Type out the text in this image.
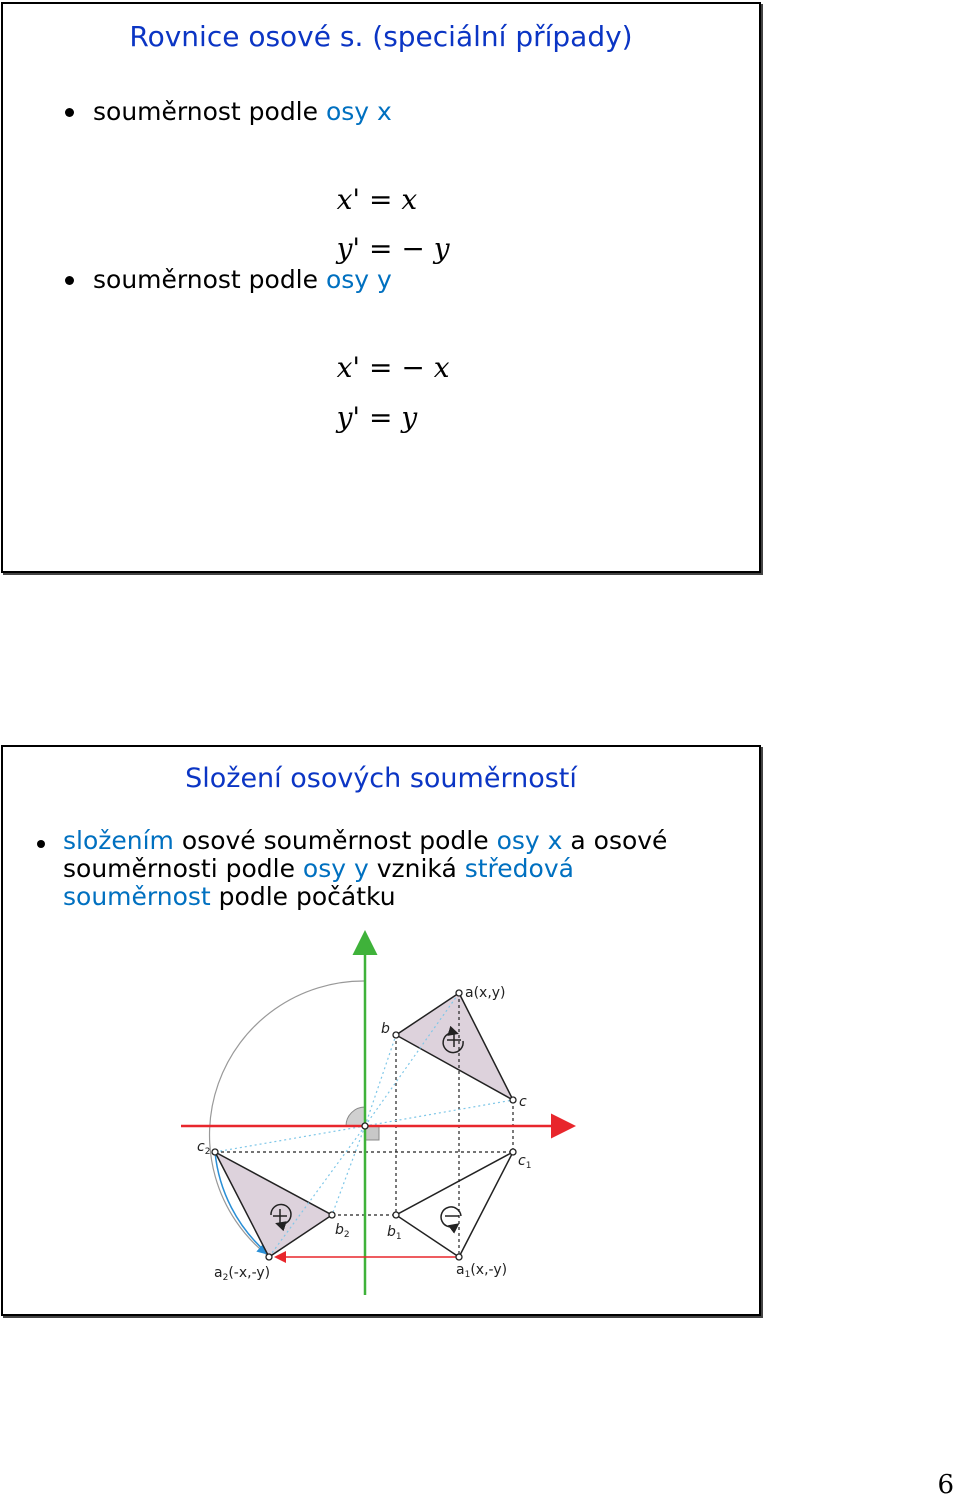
Rovnice osové s. (speciální případy)
souměrnost podle osy x

x' = x

y' = − y

souměrnost podle osy y

x' = − x

y' = y

Složení osových souměrností
složením osové souměrnost podle osy x a osové
souměrnosti podle osy y vzniká středová
souměrnost podle počátku
a(x,y)
b
c
$c_1$
$c_2$
$b_1$
$b_2$
$a_1(x,-y)$
$a_2(-x,-y)$
6
